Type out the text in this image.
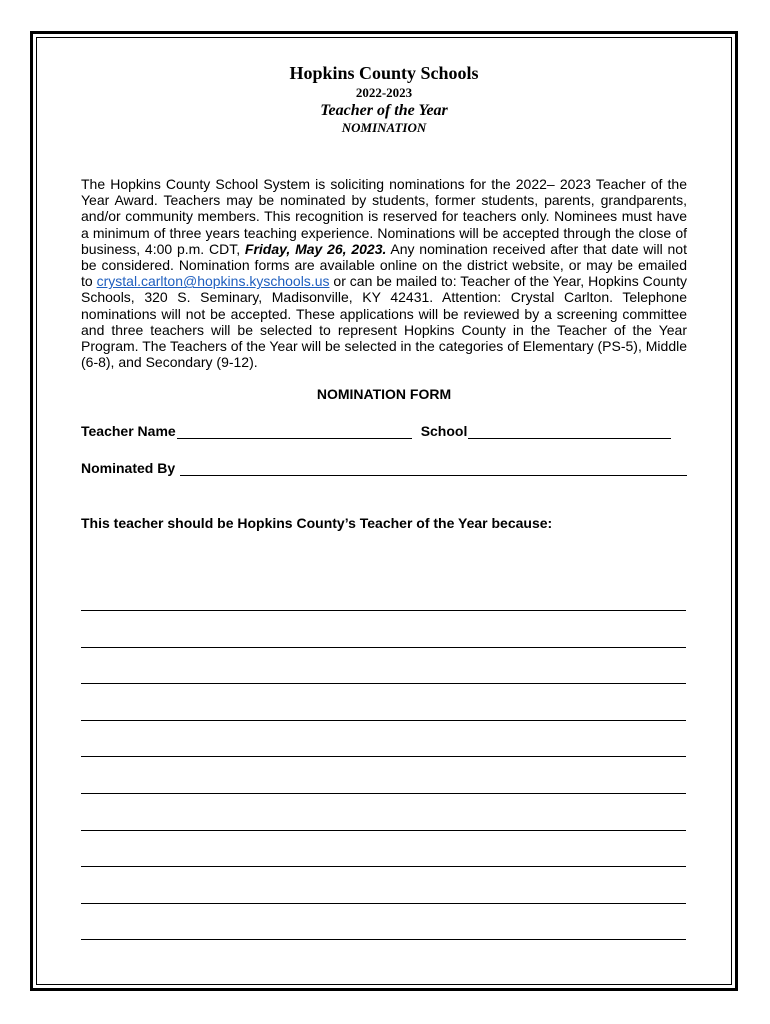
Hopkins County Schools
2022-2023
Teacher of the Year
NOMINATION
The Hopkins County School System is soliciting nominations for the 2022– 2023 Teacher of the Year Award. Teachers may be nominated by students, former students, parents, grandparents, and/or community members. This recognition is reserved for teachers only. Nominees must have a minimum of three years teaching experience. Nominations will be accepted through the close of business, 4:00 p.m. CDT, Friday, May 26, 2023. Any nomination received after that date will not be considered. Nomination forms are available online on the district website, or may be emailed to crystal.carlton@hopkins.kyschools.us or can be mailed to: Teacher of the Year, Hopkins County Schools, 320 S. Seminary, Madisonville, KY 42431. Attention: Crystal Carlton. Telephone nominations will not be accepted. These applications will be reviewed by a screening committee and three teachers will be selected to represent Hopkins County in the Teacher of the Year Program. The Teachers of the Year will be selected in the categories of Elementary (PS-5), Middle (6-8), and Secondary (9-12).
NOMINATION FORM
Teacher Name	School
Nominated By
This teacher should be Hopkins County’s Teacher of the Year because:
